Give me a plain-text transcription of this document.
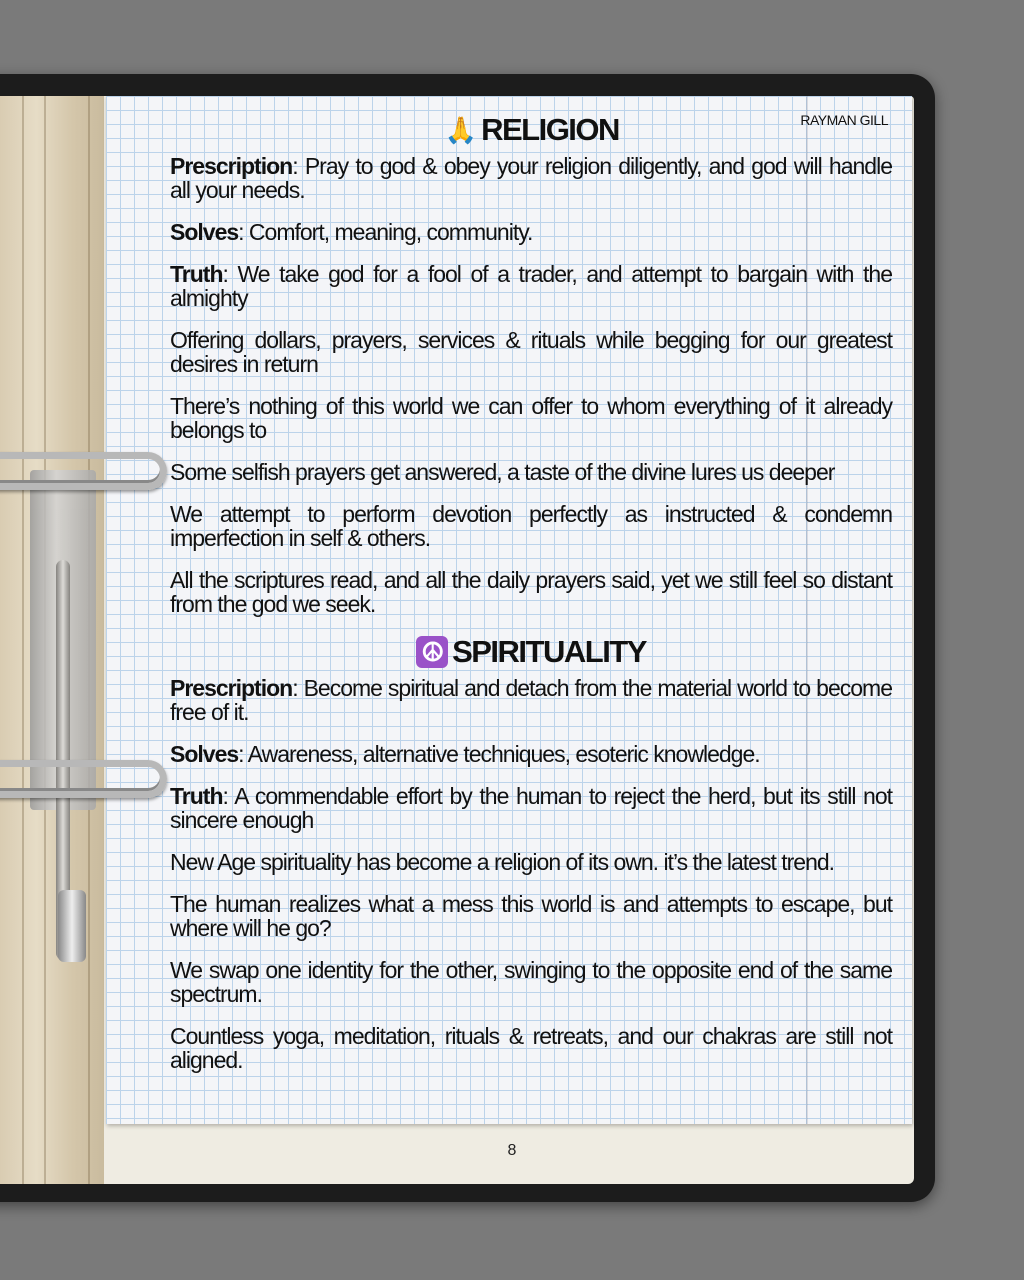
RAYMAN GILL
🙏 RELIGION

Prescription: Pray to god & obey your religion diligently, and god will handle all your needs.

Solves: Comfort, meaning, community.

Truth: We take god for a fool of a trader, and attempt to bargain with the almighty

Offering dollars, prayers, services & rituals while begging for our greatest desires in return

There’s nothing of this world we can offer to whom everything of it already belongs to

Some selfish prayers get answered, a taste of the divine lures us deeper

We attempt to perform devotion perfectly as instructed & condemn imperfection in self & others.

All the scriptures read, and all the daily prayers said, yet we still feel so distant from the god we seek.

☮ SPIRITUALITY

Prescription: Become spiritual and detach from the material world to become free of it.

Solves: Awareness, alternative techniques, esoteric knowledge.

Truth: A commendable effort by the human to reject the herd, but its still not sincere enough

New Age spirituality has become a religion of its own. it’s the latest trend.

The human realizes what a mess this world is and attempts to escape, but where will he go?

We swap one identity for the other, swinging to the opposite end of the same spectrum.

Countless yoga, meditation, rituals & retreats, and our chakras are still not aligned.

8
